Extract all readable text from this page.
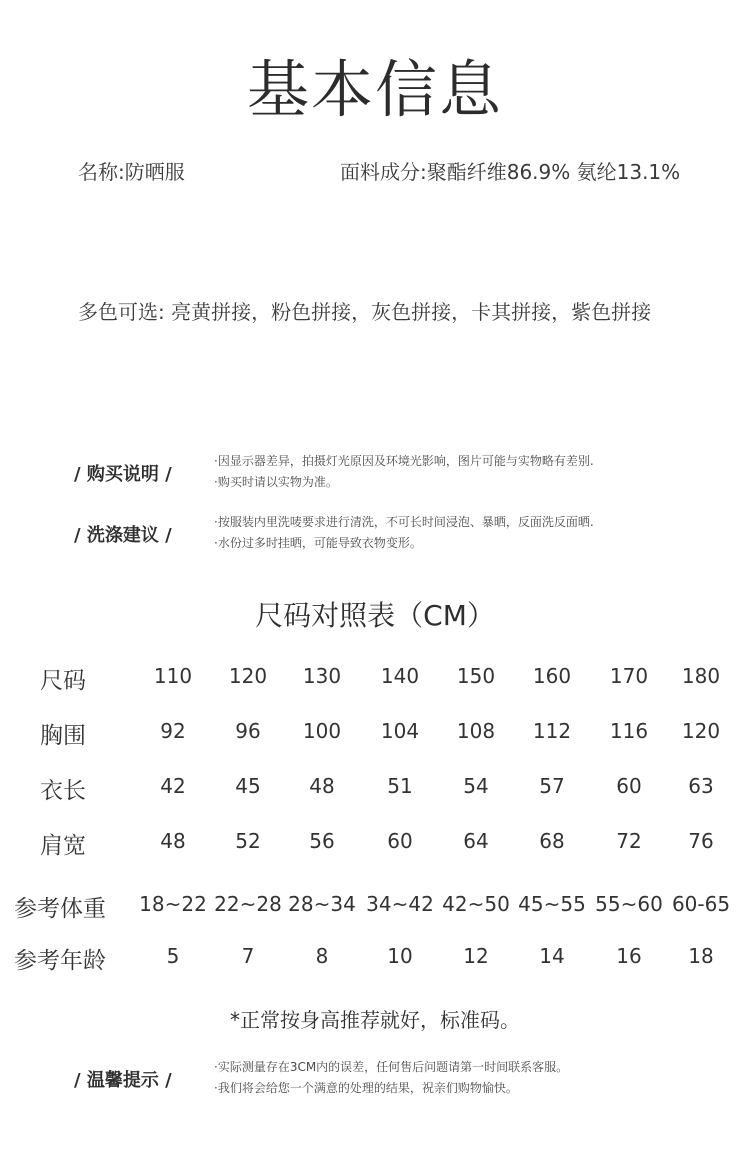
基本信息
名称:防晒服	面料成分:聚酯纤维86.9% 氨纶13.1%
多色可选: 亮黄拼接，粉色拼接，灰色拼接，卡其拼接，紫色拼接
/ 购买说明 /
·因显示器差异，拍摄灯光原因及环境光影响，图片可能与实物略有差别.
·购买时请以实物为准。
/ 洗涤建议 /
·按服装内里洗唛要求进行清洗，不可长时间浸泡、暴晒，反面洗反面晒.
·水份过多时挂晒，可能导致衣物变形。
尺码对照表（CM）
尺码	110	120	130	140	150	160	170	180
胸围	92	96	100	104	108	112	116	120
衣长	42	45	48	51	54	57	60	63
肩宽	48	52	56	60	64	68	72	76
参考体重	18~22 22~28 28~34 34~42 42~50 45~55 55~60 60-65
参考年龄	5	7	8	10	12	14	16	18
*正常按身高推荐就好，标准码。
/ 温馨提示 /
·实际测量存在3CM内的误差，任何售后问题请第一时间联系客服。
·我们将会给您一个满意的处理的结果，祝亲们购物愉快。
